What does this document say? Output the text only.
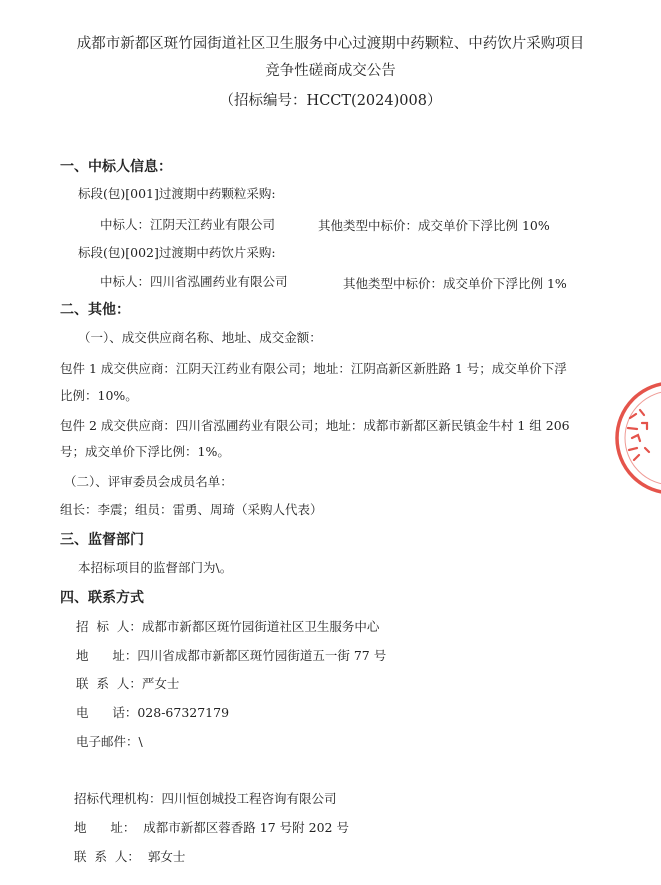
成都市新都区斑竹园街道社区卫生服务中心过渡期中药颗粒、中药饮片采购项目
竞争性磋商成交公告
（招标编号：HCCT(2024)008）
一、中标人信息：
标段(包)[001]过渡期中药颗粒采购:
中标人：江阴天江药业有限公司	其他类型中标价：成交单价下浮比例 10%
标段(包)[002]过渡期中药饮片采购:
中标人：四川省泓圃药业有限公司	其他类型中标价：成交单价下浮比例 1%
二、其他：
（一）、成交供应商名称、地址、成交金额：
包件 1 成交供应商：江阴天江药业有限公司；地址：江阴高新区新胜路 1 号；成交单价下浮
比例：10%。
包件 2 成交供应商：四川省泓圃药业有限公司；地址：成都市新都区新民镇金牛村 1 组 206
号；成交单价下浮比例：1%。
（二）、评审委员会成员名单：
组长：李震；组员：雷勇、周琦（采购人代表）
三、监督部门
本招标项目的监督部门为\。
四、联系方式
招  标  人：成都市新都区斑竹园街道社区卫生服务中心
地      址：四川省成都市新都区斑竹园街道五一街 77 号
联  系  人：严女士
电      话：028-67327179
电子邮件：\
招标代理机构：四川恒创城投工程咨询有限公司
地      址：  成都市新都区蓉香路 17 号附 202 号
联  系  人：  郭女士
